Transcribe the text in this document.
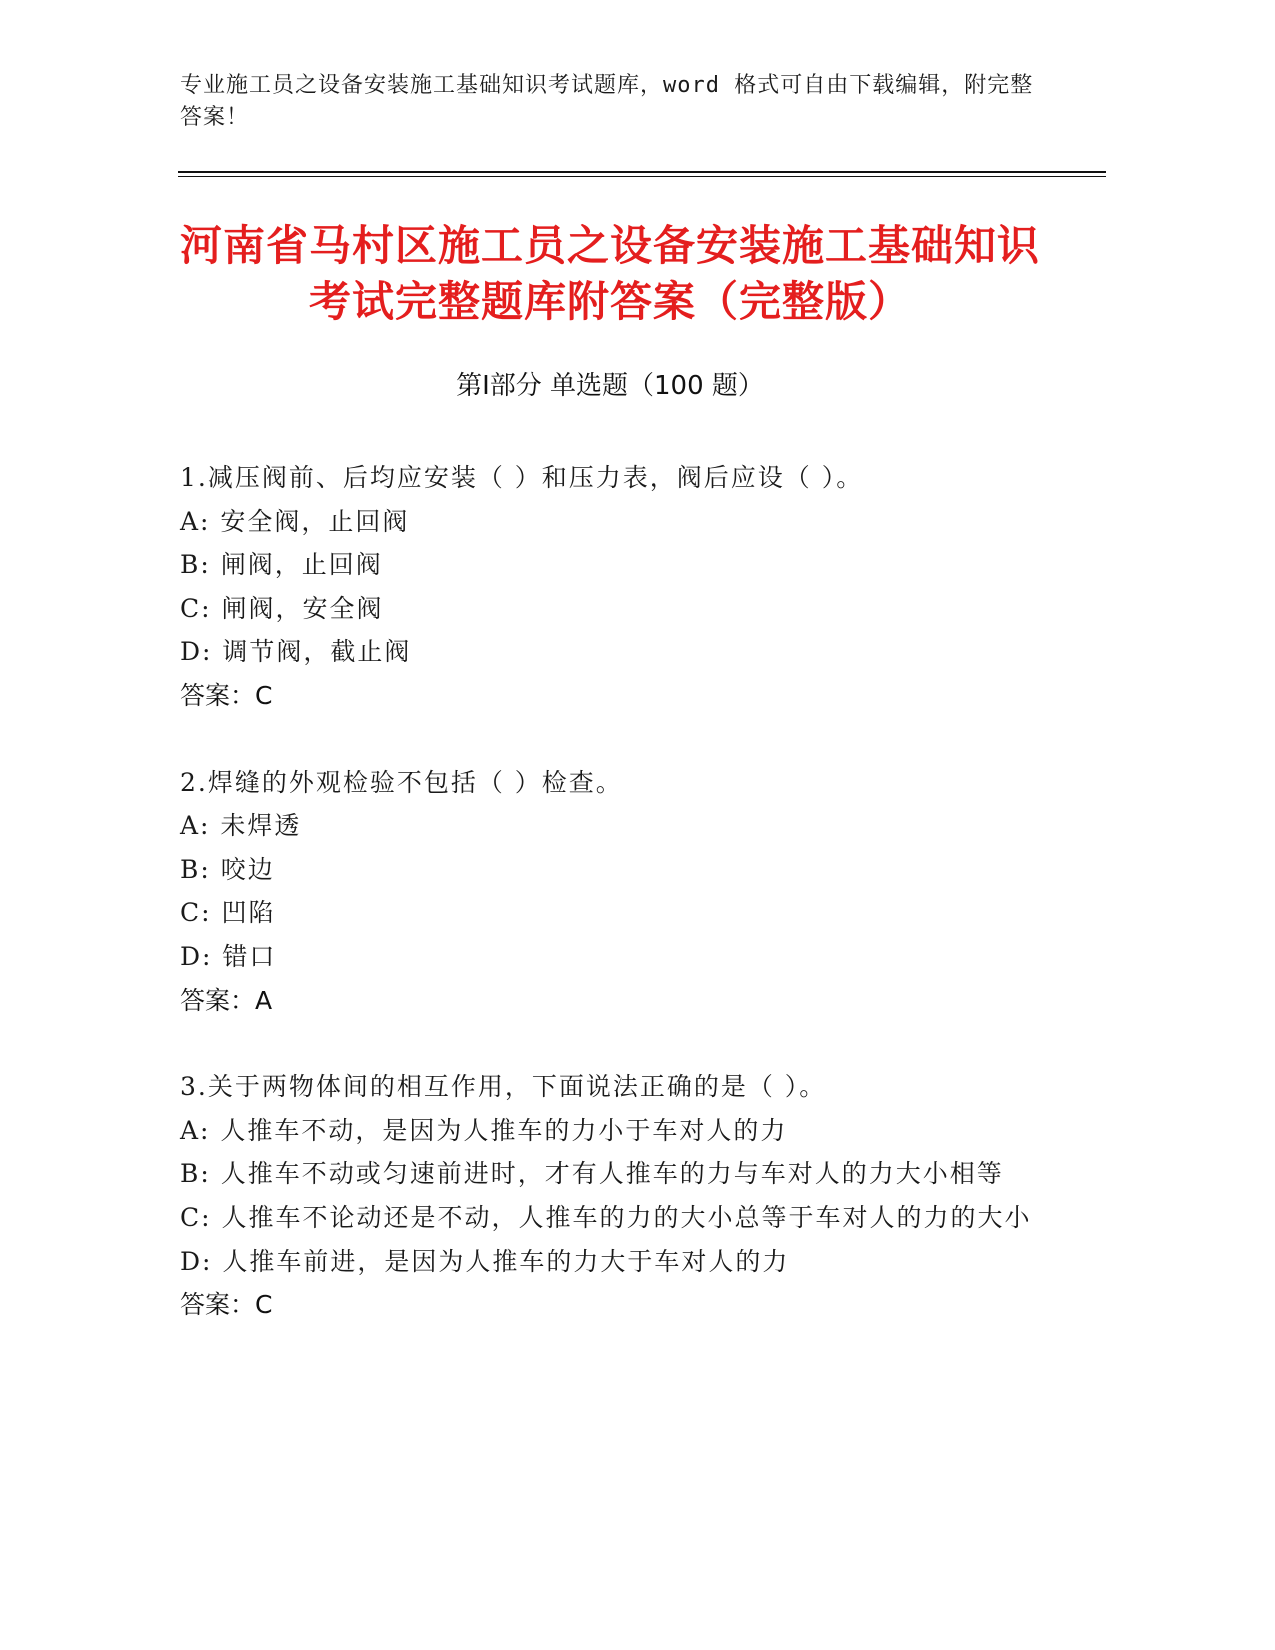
专业施工员之设备安装施工基础知识考试题库，word 格式可自由下载编辑，附完整答案！
河南省马村区施工员之设备安装施工基础知识考试完整题库附答案（完整版）
第Ⅰ部分 单选题（100 题）

1.减压阀前、后均应安装（ ）和压力表，阀后应设（ ）。

A: 安全阀，止回阀

B: 闸阀，止回阀

C: 闸阀，安全阀

D: 调节阀，截止阀

答案：C

2.焊缝的外观检验不包括（ ）检查。

A: 未焊透

B: 咬边

C: 凹陷

D: 错口

答案：A

3.关于两物体间的相互作用，下面说法正确的是（ ）。

A: 人推车不动，是因为人推车的力小于车对人的力

B: 人推车不动或匀速前进时，才有人推车的力与车对人的力大小相等

C: 人推车不论动还是不动，人推车的力的大小总等于车对人的力的大小

D: 人推车前进，是因为人推车的力大于车对人的力

答案：C
